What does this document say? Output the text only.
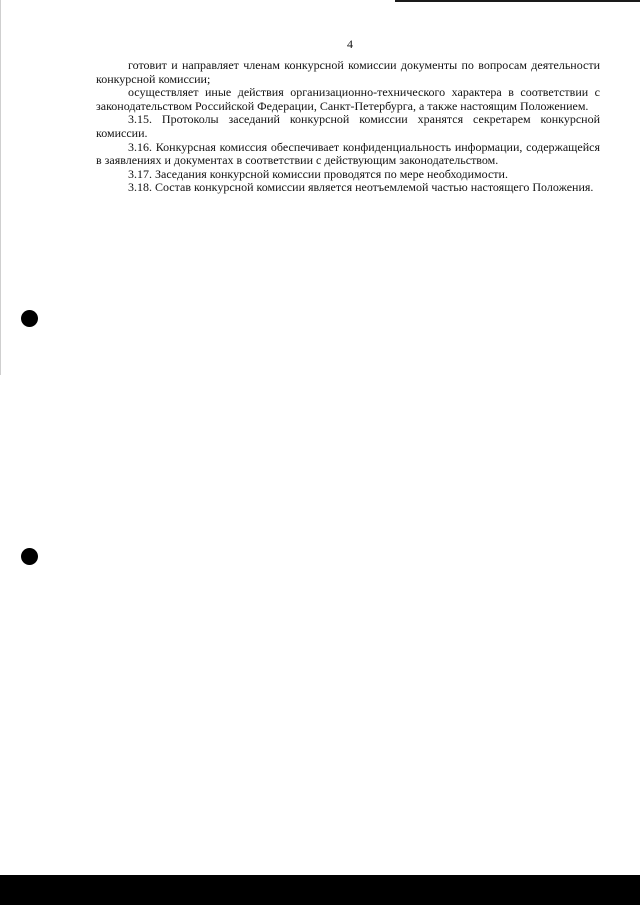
4

готовит и направляет членам конкурсной комиссии документы по вопросам деятельности конкурсной комиссии;

осуществляет иные действия организационно-технического характера в соответствии с законодательством Российской Федерации, Санкт-Петербурга, а также настоящим Положением.

3.15. Протоколы заседаний конкурсной комиссии хранятся секретарем конкурсной комиссии.

3.16. Конкурсная комиссия обеспечивает конфиденциальность информации, содержащейся в заявлениях и документах в соответствии с действующим законодательством.

3.17. Заседания конкурсной комиссии проводятся по мере необходимости.

3.18. Состав конкурсной комиссии является неотъемлемой частью настоящего Положения.
